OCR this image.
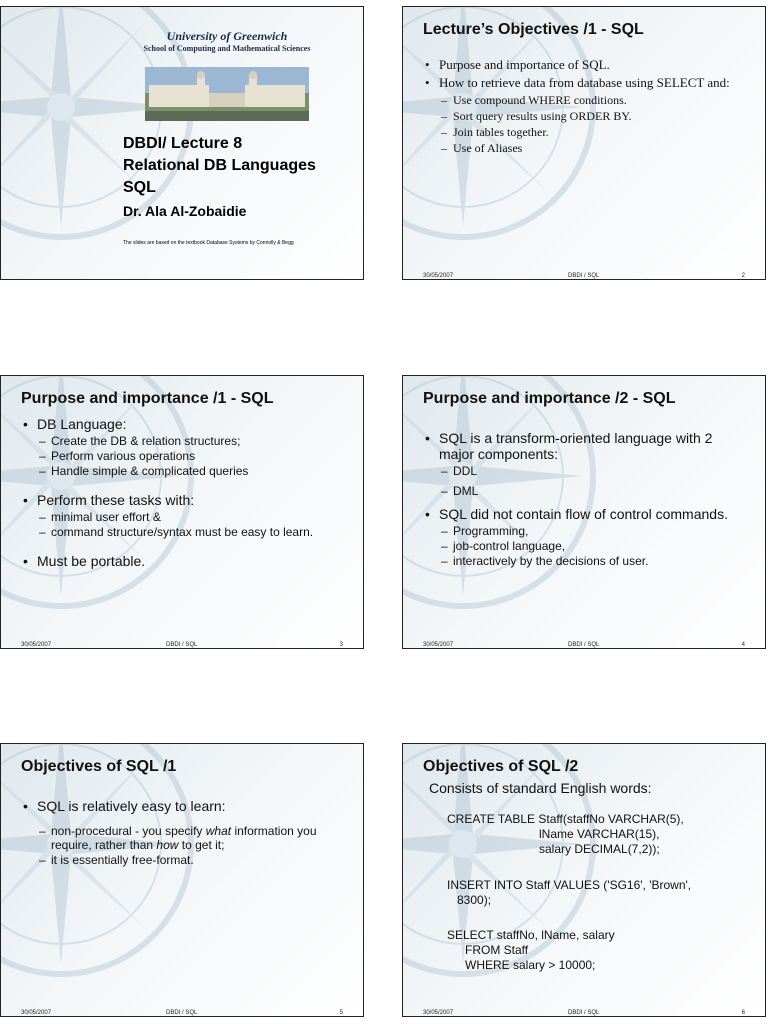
University of Greenwich
School of Computing and Mathematical Sciences
DBDI/ Lecture 8
Relational DB Languages
SQL
Dr. Ala Al-Zobaidie
The slides are based on the textbook Database Systems by Connolly & Begg
Lecture’s Objectives /1 - SQL
• Purpose and importance of SQL.
• How to retrieve data from database using SELECT and:
– Use compound WHERE conditions.
– Sort query results using ORDER BY.
– Join tables together.
– Use of Aliases
30/05/2007	DBDI / SQL	2
Purpose and importance /1 - SQL
• DB Language:
– Create the DB & relation structures;
– Perform various operations
– Handle simple & complicated queries
• Perform these tasks with:
– minimal user effort &
– command structure/syntax must be easy to learn.
• Must be portable.
30/05/2007	DBDI / SQL	3
Purpose and importance /2 - SQL
• SQL is a transform-oriented language with 2 major components:
– DDL
– DML
• SQL did not contain flow of control commands.
– Programming,
– job-control language,
– interactively by the decisions of user.
30/05/2007	DBDI / SQL	4
Objectives of SQL /1
• SQL is relatively easy to learn:
– non-procedural - you specify what information you require, rather than how to get it;
– it is essentially free-format.
30/05/2007	DBDI / SQL	5
Objectives of SQL /2
Consists of standard English words:
CREATE TABLE Staff(staffNo VARCHAR(5),
lName VARCHAR(15),
salary DECIMAL(7,2));
INSERT INTO Staff VALUES ('SG16', 'Brown',
8300);
SELECT staffNo, lName, salary
FROM Staff
WHERE salary > 10000;
30/05/2007	DBDI / SQL	6
